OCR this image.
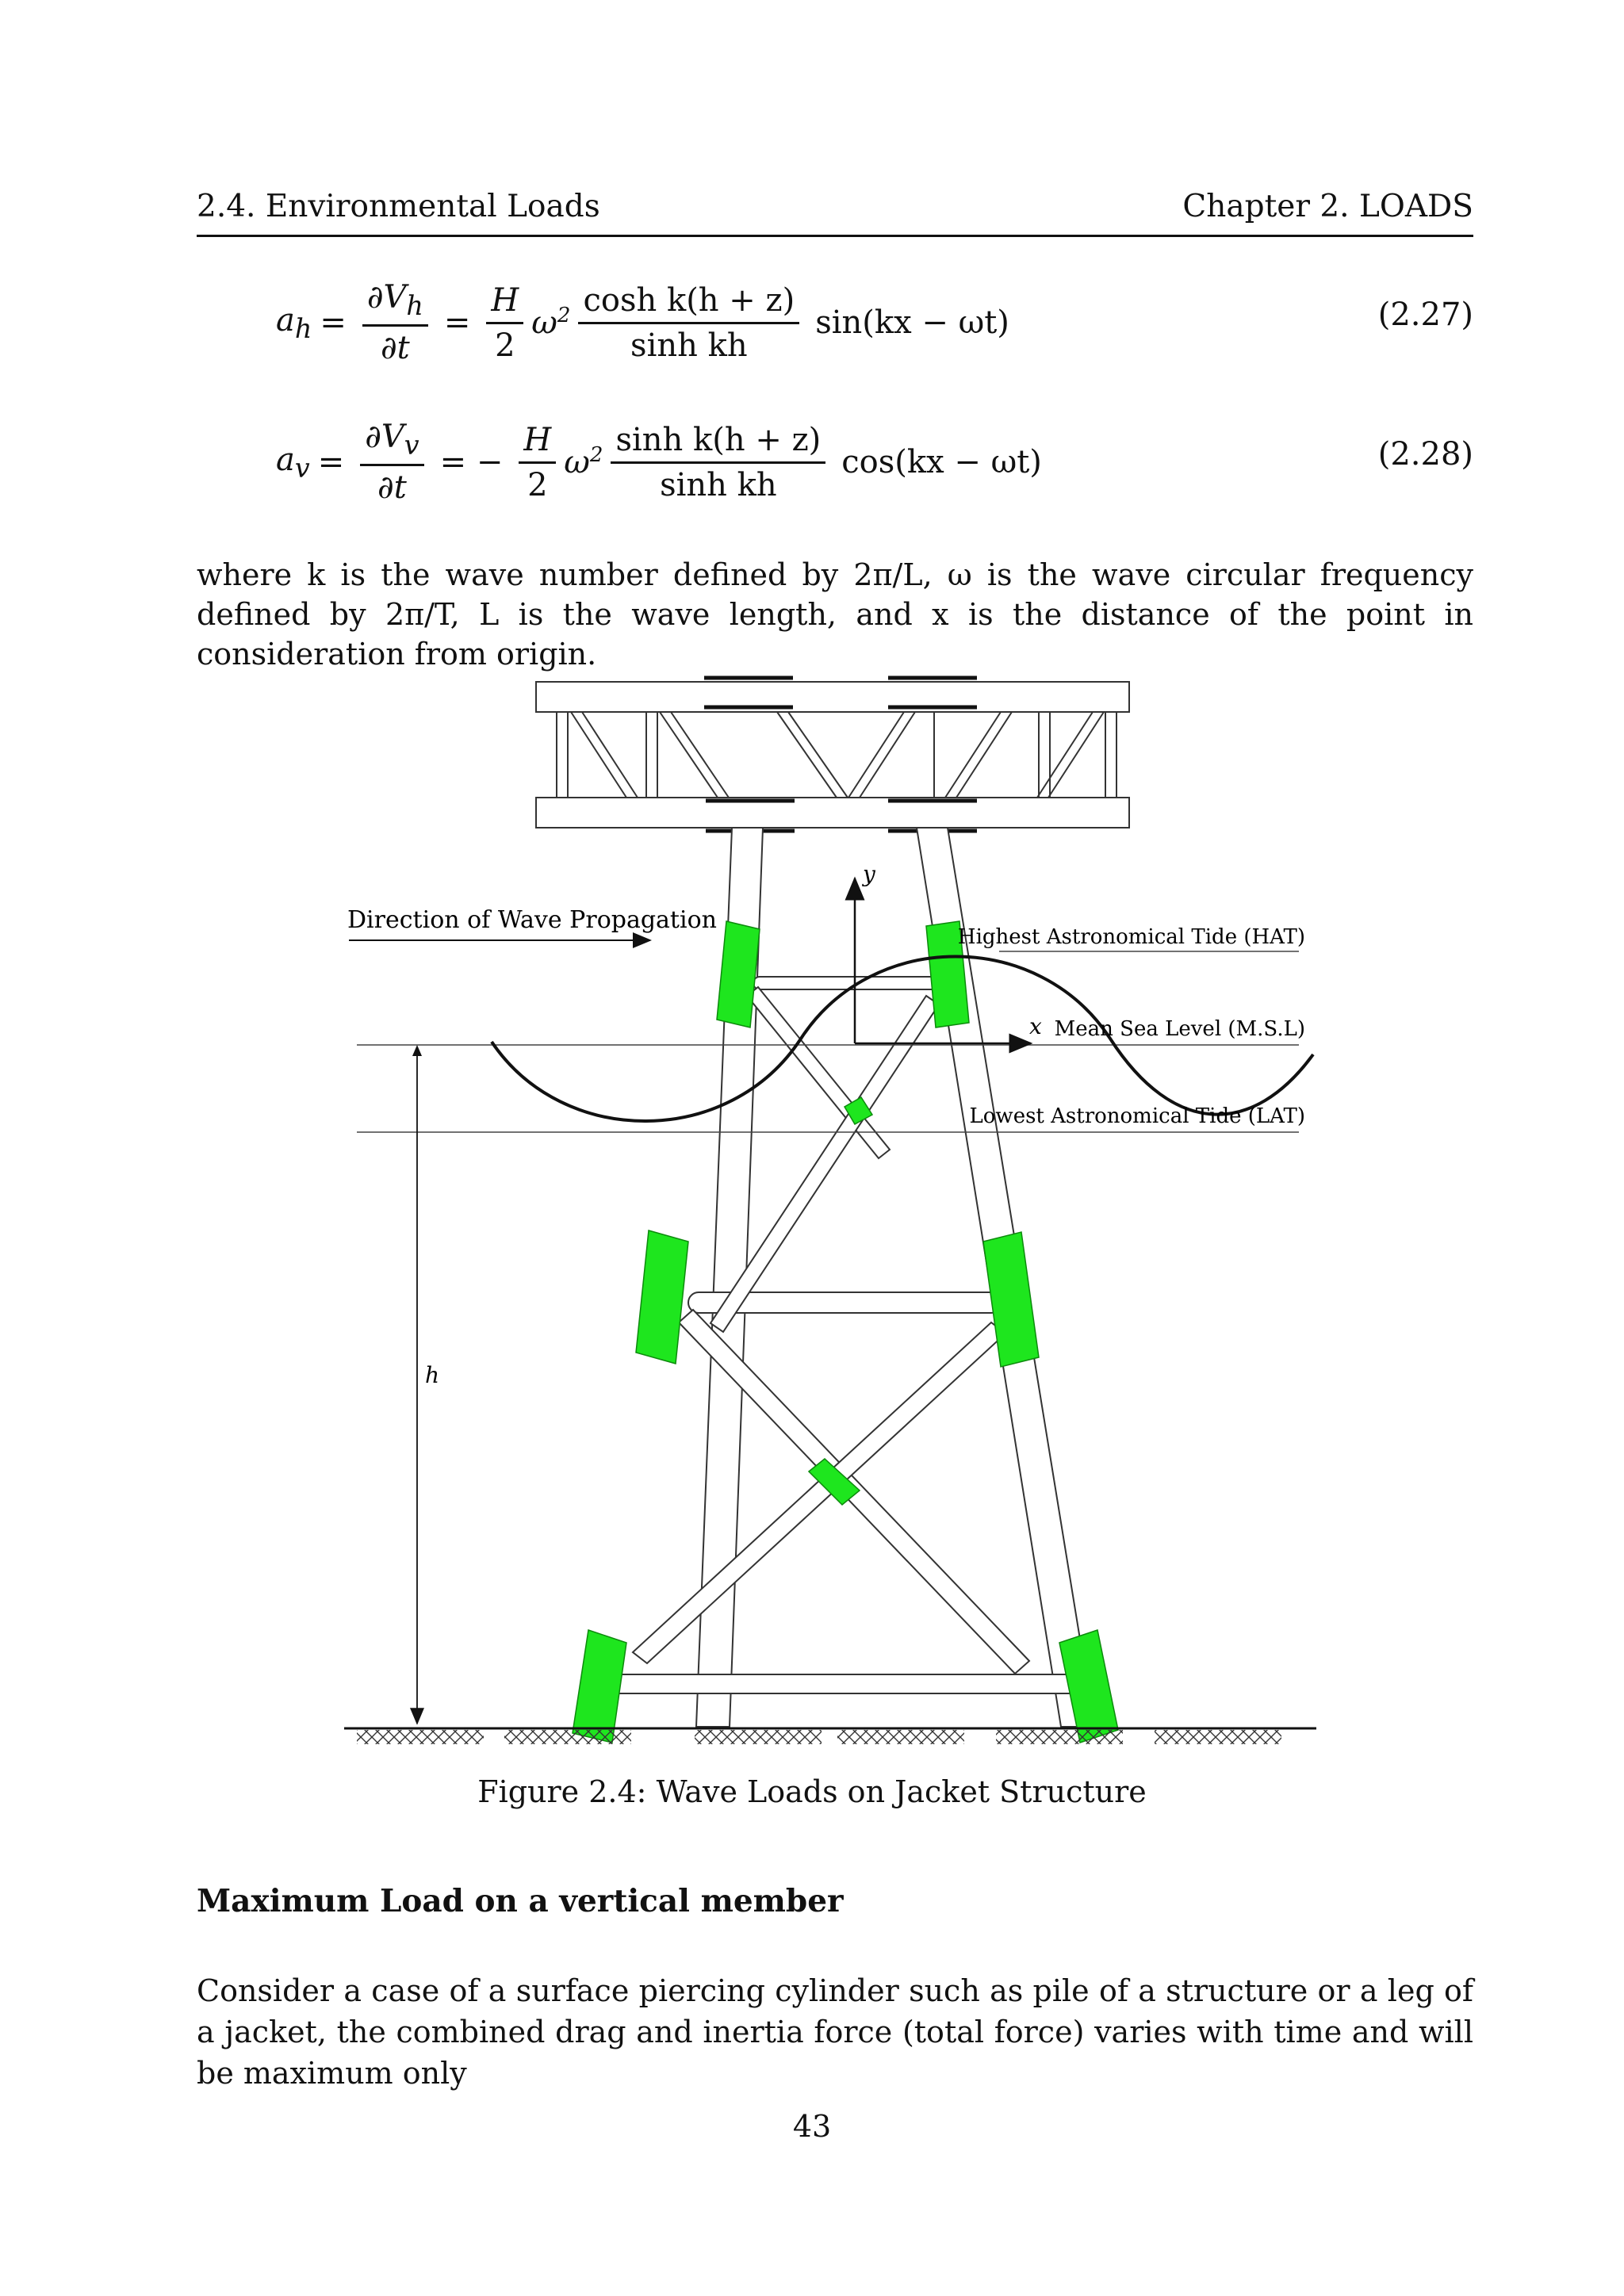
2.4. Environmental Loads	Chapter 2. LOADS
$a_h = \frac{\partial V_h}{\partial t} = \frac{H}{2} \omega^2 \frac{\text{cosh k(h + z)}}{\text{sinh kh}} \sin(kx - \omega t)$	(2.27)
$a_v = \frac{\partial V_v}{\partial t}$ = − $\frac{H}{2} \omega^2 \frac{\text{sinh k(h + z)}}{\text{sinh kh}} \cos(kx - \omega t)$	(2.28)

where k is the wave number defined by 2π/L, ω is the wave circular frequency defined by 2π/T, L is the wave length, and x is the distance of the point in consideration from origin.

y
x
Direction of Wave Propagation
Highest Astronomical Tide (HAT)
Mean Sea Level (M.S.L)
Lowest Astronomical Tide (LAT)
h
Figure 2.4: Wave Loads on Jacket Structure
Maximum Load on a vertical member

Consider a case of a surface piercing cylinder such as pile of a structure or a leg of a jacket, the combined drag and inertia force (total force) varies with time and will be maximum only

43
